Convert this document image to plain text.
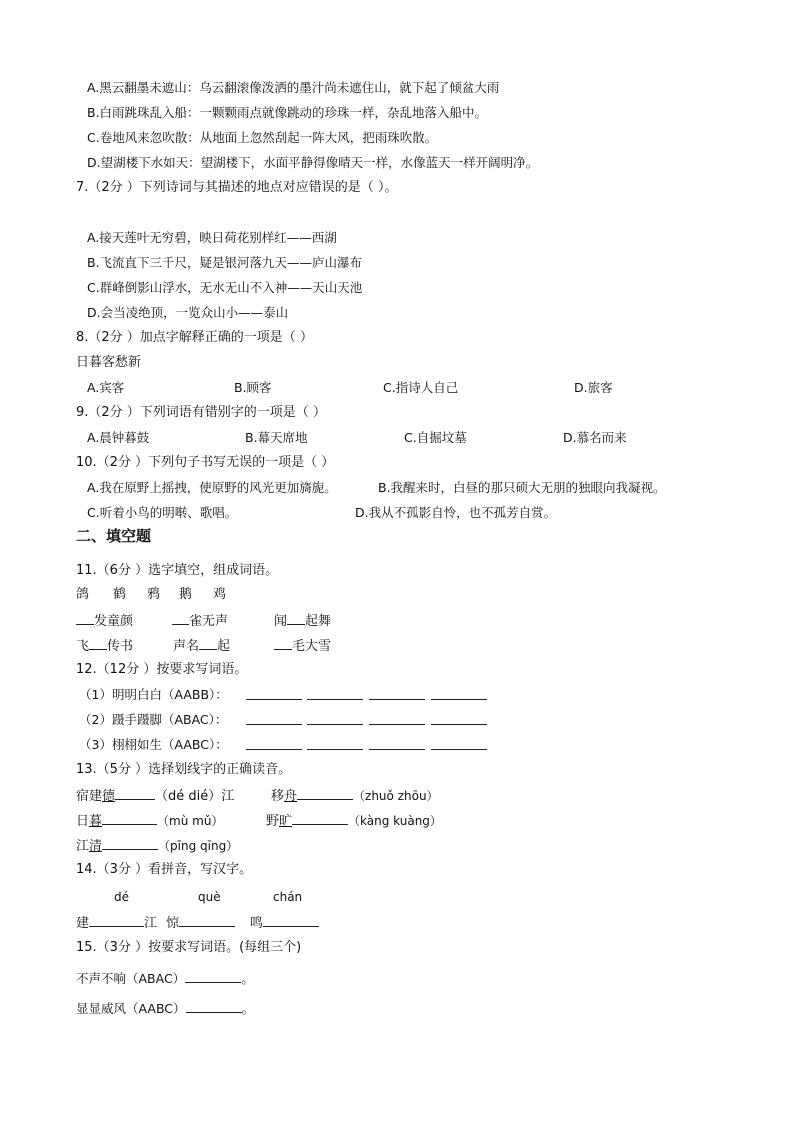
A.黑云翻墨未遮山：乌云翻滚像泼洒的墨汁尚未遮住山，就下起了倾盆大雨
B.白雨跳珠乱入船：一颗颗雨点就像跳动的珍珠一样，杂乱地落入船中。
C.卷地风来忽吹散：从地面上忽然刮起一阵大风，把雨珠吹散。
D.望湖楼下水如天：望湖楼下，水面平静得像晴天一样，水像蓝天一样开阔明净。
7.（2分 ）下列诗词与其描述的地点对应错误的是（ ）。
A.接天莲叶无穷碧，映日荷花别样红——西湖
B.飞流直下三千尺，疑是银河落九天——庐山瀑布
C.群峰倒影山浮水，无水无山不入神——天山天池
D.会当凌绝顶，一览众山小——泰山
8.（2分 ）加点字解释正确的一项是（ ）
日暮客愁新
A.宾客	B.顾客	C.指诗人自己	D.旅客
9.（2分 ）下列词语有错别字的一项是（ ）
A.晨钟暮鼓	B.幕天席地	C.自掘坟墓	D.慕名而来
10.（2分 ）下列句子书写无误的一项是（ ）
A.我在原野上摇拽，使原野的风光更加旖旎。	B.我醒来时，白昼的那只硕大无朋的独眼向我凝视。
C.听着小鸟的明啭、歌唱。	D.我从不孤影自怜，也不孤芳自赏。
二、填空题
11.（6分 ）选字填空，组成词语。
鸽 鹤 鸦 鹅 鸡
发童颜	雀无声	闻 起舞
飞 传书	声名 起	毛大雪
12.（12分 ）按要求写词语。
（1）明明白白（AABB）：
（2）蹑手蹑脚（ABAC）：
（3）栩栩如生（AABC）：
13.（5分 ）选择划线字的正确读音。
宿建德	（dé dié）江	移舟	（zhuǒ zhōu）
日暮	（mù mǔ）	野旷	（kàng kuàng）
江清	（pīng qīng）
14.（3分 ）看拼音，写汉字。
dé	què	chán
建	江 惊	鸣
15.（3分 ）按要求写词语。(每组三个)
不声不响（ABAC）	。
显显威风（AABC）	。
